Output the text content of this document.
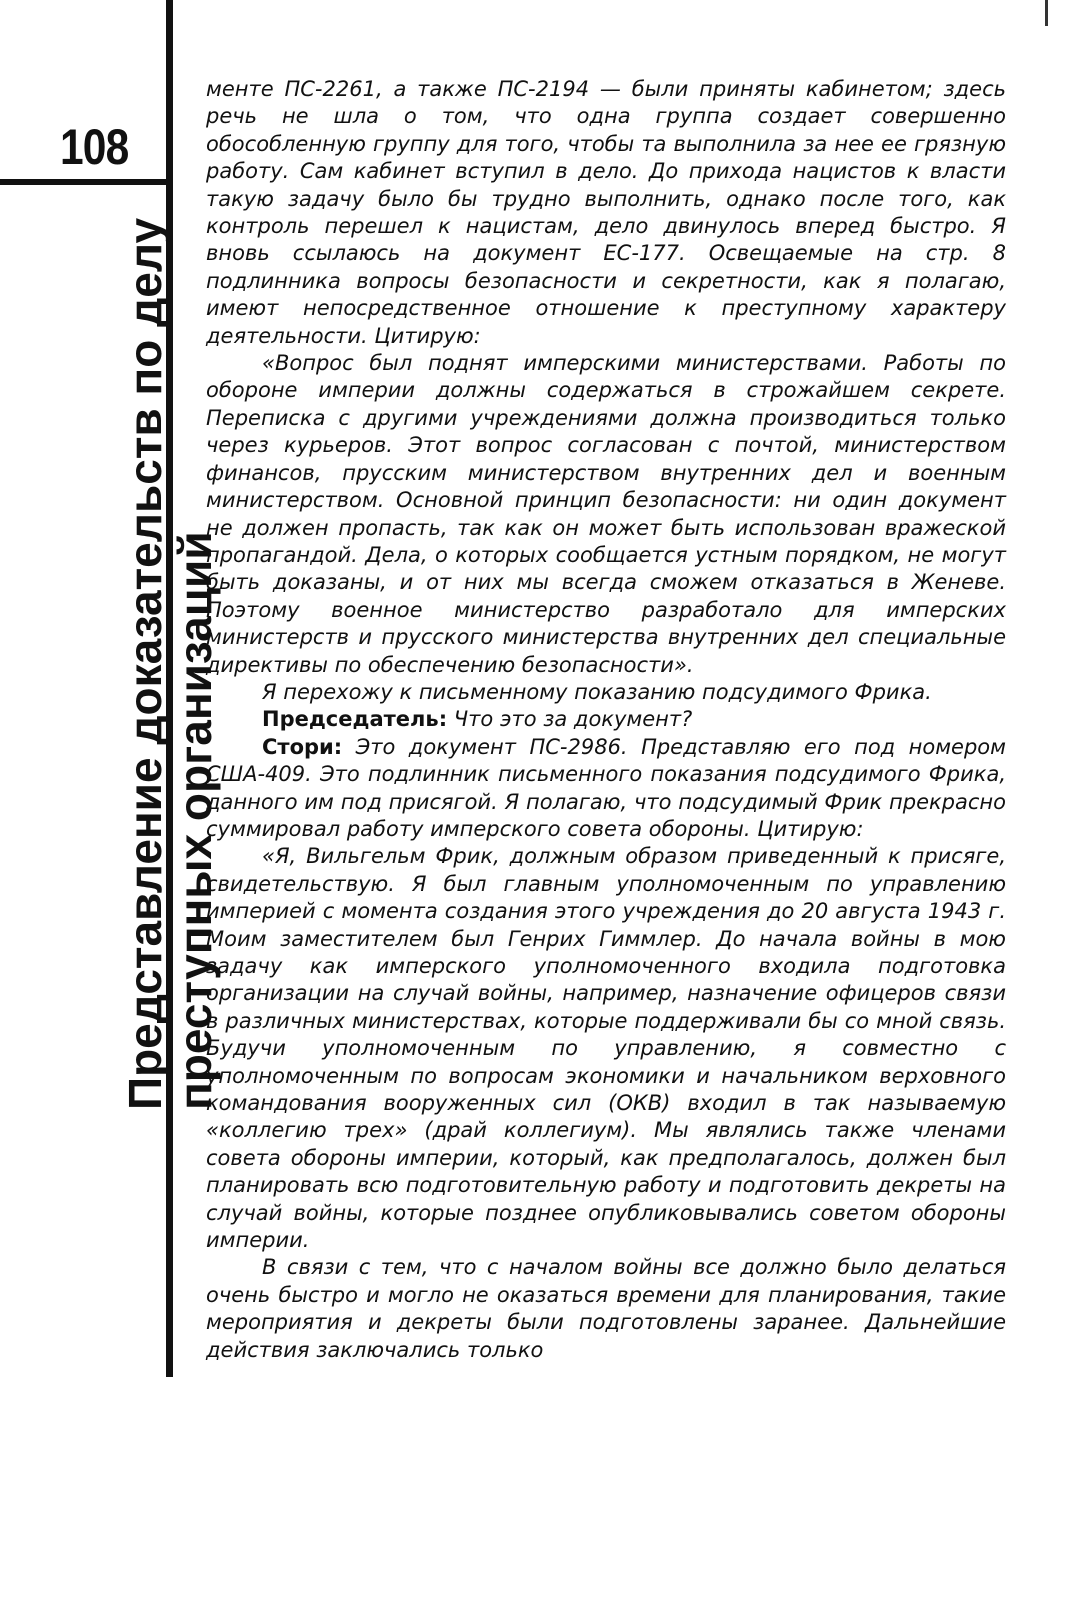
108
Представление доказательств по делу
преступных организаций

менте ПС-2261, а также ПС-2194 — были приняты кабинетом; здесь речь не шла о том, что одна группа создает совершенно обособленную группу для того, чтобы та выполнила за нее ее грязную работу. Сам кабинет вступил в дело. До прихода нацистов к власти такую задачу было бы трудно выполнить, однако после того, как контроль перешел к нацистам, дело двинулось вперед быстро. Я вновь ссылаюсь на документ ЕС-177. Освещаемые на стр. 8 подлинника вопросы безопасности и секретности, как я полагаю, имеют непосредственное отношение к преступному характеру деятельности. Цитирую:

«Вопрос был поднят имперскими министерствами. Работы по обороне империи должны содержаться в строжайшем секрете. Переписка с другими учреждениями должна производиться только через курьеров. Этот вопрос согласован с почтой, министерством финансов, прусским министерством внутренних дел и военным министерством. Основной принцип безопасности: ни один документ не должен пропасть, так как он может быть использован вражеской пропагандой. Дела, о которых сообщается устным порядком, не могут быть доказаны, и от них мы всегда сможем отказаться в Женеве. Поэтому военное министерство разработало для имперских министерств и прусского министерства внутренних дел специальные директивы по обеспечению безопасности».

Я перехожу к письменному показанию подсудимого Фрика.

Председатель: Что это за документ?

Стори: Это документ ПС-2986. Представляю его под номером США-409. Это подлинник письменного показания подсудимого Фрика, данного им под присягой. Я полагаю, что подсудимый Фрик прекрасно суммировал работу имперского совета обороны. Цитирую:

«Я, Вильгельм Фрик, должным образом приведенный к присяге, свидетельствую. Я был главным уполномоченным по управлению империей с момента создания этого учреждения до 20 августа 1943 г. Моим заместителем был Генрих Гиммлер. До начала войны в мою задачу как имперского уполномоченного входила подготовка организации на случай войны, например, назначение офицеров связи в различных министерствах, которые поддерживали бы со мной связь. Будучи уполномоченным по управлению, я совместно с уполномоченным по вопросам экономики и начальником верховного командования вооруженных сил (ОКВ) входил в так называемую «коллегию трех» (драй коллегиум). Мы являлись также членами совета обороны империи, который, как предполагалось, должен был планировать всю подготовительную работу и подготовить декреты на случай войны, которые позднее опубликовывались советом обороны империи.

В связи с тем, что с началом войны все должно было делаться очень быстро и могло не оказаться времени для планирования, такие мероприятия и декреты были подготовлены заранее. Дальнейшие действия заключались только
